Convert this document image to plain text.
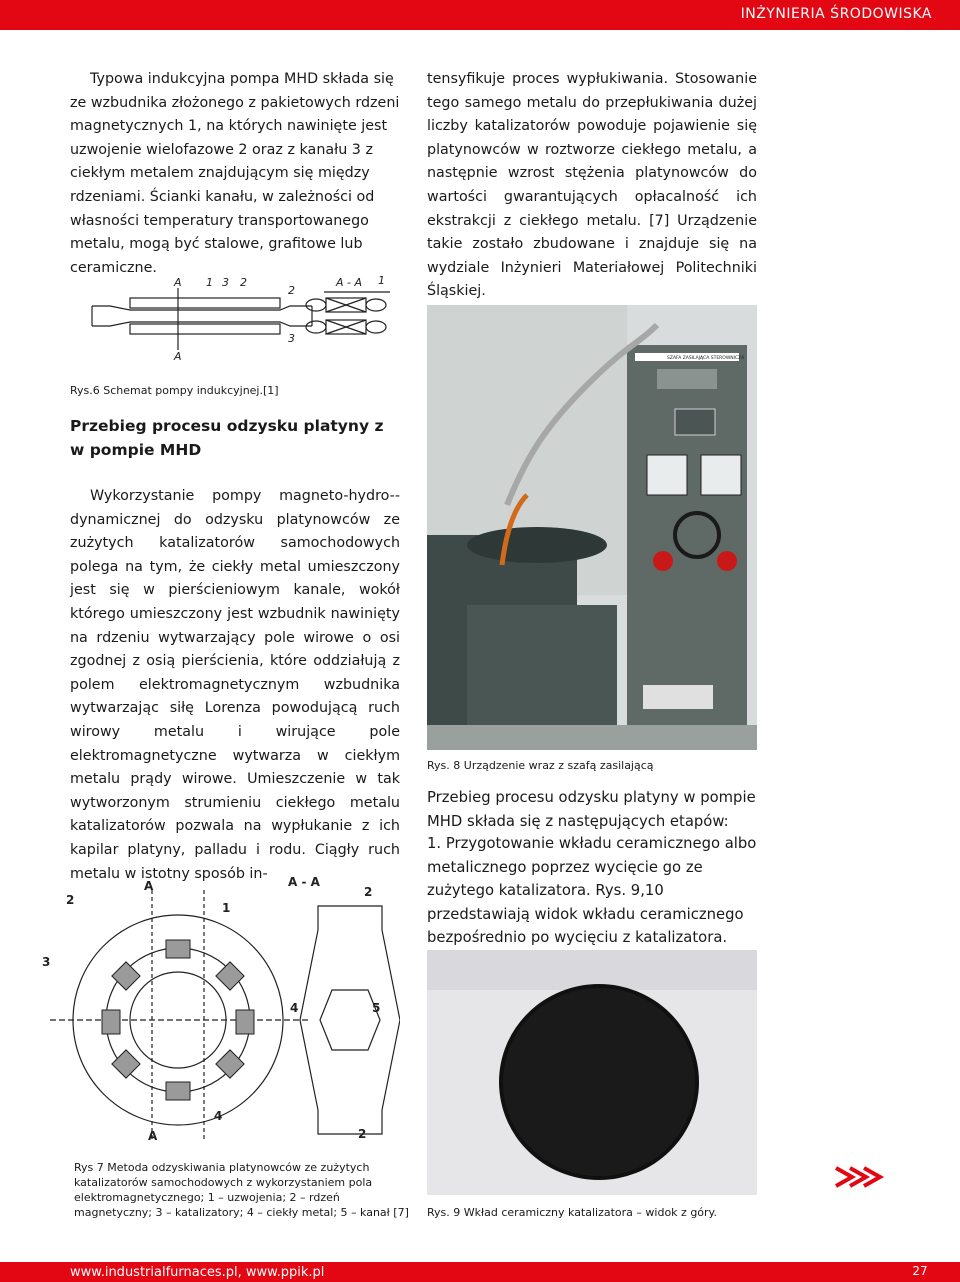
INŻYNIERIA ŚRODOWISKA

Typowa indukcyjna pompa MHD składa się ze wzbudnika złożonego z pakietowych rdzeni magnetycznych 1, na których nawinięte jest uzwojenie wielofazowe 2 oraz z kanału 3 z ciekłym metalem znajdującym się między rdzeniami. Ścianki kanału, w zależności od własności temperatury transportowanego metalu, mogą być stalowe, grafitowe lub ceramiczne.

A 1 3 2
2
A - A 1
3
A
Rys.6 Schemat pompy indukcyjnej.[1]
Przebieg procesu odzysku platyny z w pompie MHD

Wykorzystanie pompy magneto-hydro--dynamicznej do odzysku platynowców ze zużytych katalizatorów samochodowych polega na tym, że ciekły metal umieszczony jest się w pierścieniowym kanale, wokół którego umieszczony jest wzbudnik nawinięty na rdzeniu wytwarzający pole wirowe o osi zgodnej z osią pierścienia, które oddziałują z polem elektromagnetycznym wzbudnika wytwarzając siłę Lorenza powodującą ruch wirowy metalu i wirujące pole elektromagnetyczne wytwarza w ciekłym metalu prądy wirowe. Umieszczenie w tak wytworzonym strumieniu ciekłego metalu katalizatorów pozwala na wypłukanie z ich kapilar platyny, palladu i rodu. Ciągły ruch metalu w istotny sposób in-

2
A
1
A - A
2
3
4	5
4
A	2
Rys 7 Metoda odzyskiwania platynowców ze zużytych katalizatorów samochodowych z wykorzystaniem pola elektromagnetycznego; 1 – uzwojenia; 2 – rdzeń magnetyczny; 3 – katalizatory; 4 – ciekły metal; 5 – kanał [7]

tensyfikuje proces wypłukiwania. Stosowanie tego samego metalu do przepłukiwania dużej liczby katalizatorów powoduje pojawienie się platynowców w roztworze ciekłego metalu, a następnie wzrost stężenia platynowców do wartości gwarantujących opłacalność ich ekstrakcji z ciekłego metalu. [7] Urządzenie takie zostało zbudowane i znajduje się na wydziale Inżynieri Materiałowej Politechniki Śląskiej.

SZAFA ZASILAJĄCA STEROWNICZA
Rys. 8 Urządzenie wraz z szafą zasilającą

Przebieg procesu odzysku platyny w pompie MHD składa się z następujących etapów:

1. Przygotowanie wkładu ceramicznego albo metalicznego poprzez wycięcie go ze zużytego katalizatora. Rys. 9,10 przedstawiają widok wkładu ceramicznego bezpośrednio po wycięciu z katalizatora.

Rys. 9 Wkład ceramiczny katalizatora – widok z góry.
www.industrialfurnaces.pl, www.ppik.pl	27
